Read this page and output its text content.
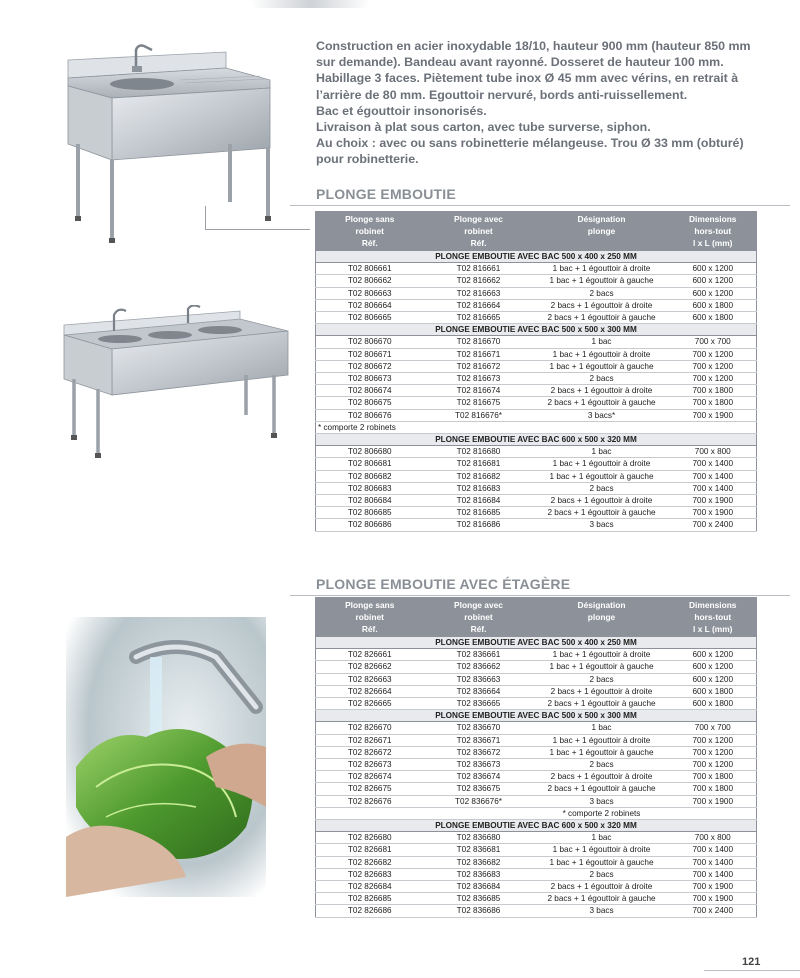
Construction en acier inoxydable 18/10, hauteur 900 mm (hauteur 850 mm sur demande). Bandeau avant rayonné. Dosseret de hauteur 100 mm. Habillage 3 faces. Piètement tube inox Ø 45 mm avec vérins, en retrait à l’arrière de 80 mm. Egouttoir nervuré, bords anti-ruissellement.

Bac et égouttoir insonorisés.

Livraison à plat sous carton, avec tube surverse, siphon.

Au choix : avec ou sans robinetterie mélangeuse. Trou Ø 33 mm (obturé) pour robinetterie.

PLONGE EMBOUTIE
Plonge sans
robinet
Réf.	Plonge avec
robinet
Réf.	Désignation
plonge	Dimensions
hors-tout
l x L (mm)
PLONGE EMBOUTIE AVEC BAC 500 x 400 x 250 MM			
T02 806661	T02 816661	1 bac + 1 égouttoir à droite	600 x 1200
T02 806662	T02 816662	1 bac + 1 égouttoir à gauche	600 x 1200
T02 806663	T02 816663	2 bacs	600 x 1200
T02 806664	T02 816664	2 bacs + 1 égouttoir à droite	600 x 1800
T02 806665	T02 816665	2 bacs + 1 égouttoir à gauche	600 x 1800
PLONGE EMBOUTIE AVEC BAC 500 x 500 x 300 MM			
T02 806670	T02 816670	1 bac	700 x 700
T02 806671	T02 816671	1 bac + 1 égouttoir à droite	700 x 1200
T02 806672	T02 816672	1 bac + 1 égouttoir à gauche	700 x 1200
T02 806673	T02 816673	2 bacs	700 x 1200
T02 806674	T02 816674	2 bacs + 1 égouttoir à droite	700 x 1800
T02 806675	T02 816675	2 bacs + 1 égouttoir à gauche	700 x 1800
T02 806676	T02 816676*	3 bacs*	700 x 1900
* comporte 2 robinets			
PLONGE EMBOUTIE AVEC BAC 600 x 500 x 320 MM			
T02 806680	T02 816680	1 bac	700 x 800
T02 806681	T02 816681	1 bac + 1 égouttoir à droite	700 x 1400
T02 806682	T02 816682	1 bac + 1 égouttoir à gauche	700 x 1400
T02 806683	T02 816683	2 bacs	700 x 1400
T02 806684	T02 816684	2 bacs + 1 égouttoir à droite	700 x 1900
T02 806685	T02 816685	2 bacs + 1 égouttoir à gauche	700 x 1900
T02 806686	T02 816686	3 bacs	700 x 2400
PLONGE EMBOUTIE AVEC ÉTAGÈRE
Plonge sans
robinet
Réf.	Plonge avec
robinet
Réf.	Désignation
plonge	Dimensions
hors-tout
l x L (mm)
PLONGE EMBOUTIE AVEC BAC 500 x 400 x 250 MM			
T02 826661	T02 836661	1 bac + 1 égouttoir à droite	600 x 1200
T02 826662	T02 836662	1 bac + 1 égouttoir à gauche	600 x 1200
T02 826663	T02 836663	2 bacs	600 x 1200
T02 826664	T02 836664	2 bacs + 1 égouttoir à droite	600 x 1800
T02 826665	T02 836665	2 bacs + 1 égouttoir à gauche	600 x 1800
PLONGE EMBOUTIE AVEC BAC 500 x 500 x 300 MM			
T02 826670	T02 836670	1 bac	700 x 700
T02 826671	T02 836671	1 bac + 1 égouttoir à droite	700 x 1200
T02 826672	T02 836672	1 bac + 1 égouttoir à gauche	700 x 1200
T02 826673	T02 836673	2 bacs	700 x 1200
T02 826674	T02 836674	2 bacs + 1 égouttoir à droite	700 x 1800
T02 826675	T02 836675	2 bacs + 1 égouttoir à gauche	700 x 1800
T02 826676	T02 836676*	3 bacs	700 x 1900
		* comporte 2 robinets	
PLONGE EMBOUTIE AVEC BAC 600 x 500 x 320 MM			
T02 826680	T02 836680	1 bac	700 x 800
T02 826681	T02 836681	1 bac + 1 égouttoir à droite	700 x 1400
T02 826682	T02 836682	1 bac + 1 égouttoir à gauche	700 x 1400
T02 826683	T02 836683	2 bacs	700 x 1400
T02 826684	T02 836684	2 bacs + 1 égouttoir à droite	700 x 1900
T02 826685	T02 836685	2 bacs + 1 égouttoir à gauche	700 x 1900
T02 826686	T02 836686	3 bacs	700 x 2400
121
